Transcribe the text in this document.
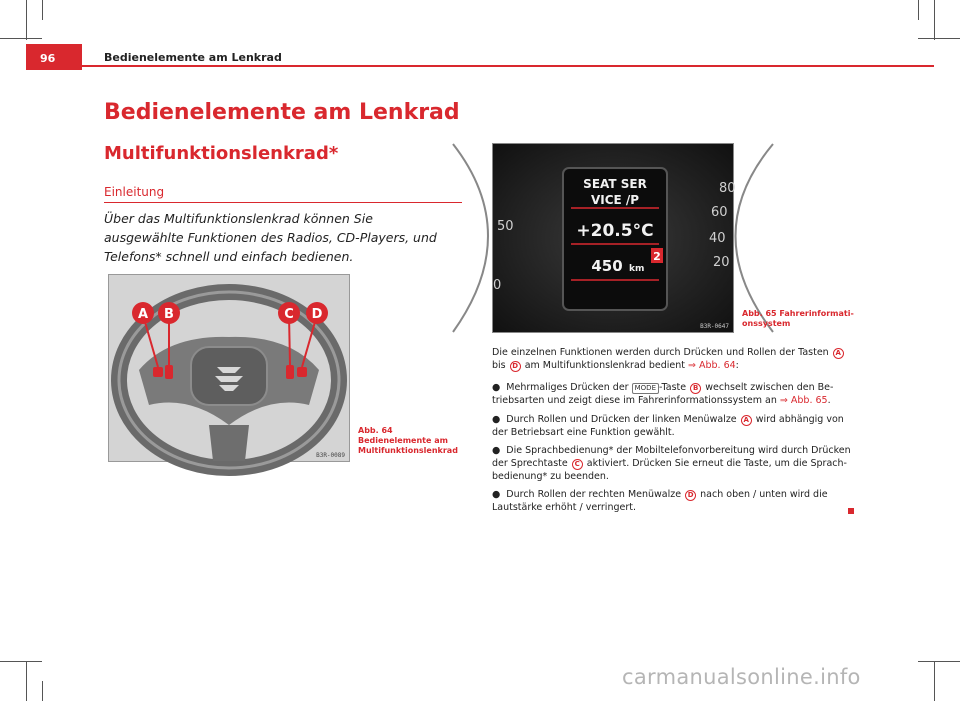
96	Bedienelemente am Lenkrad
Bedienelemente am Lenkrad
Multifunktionslenkrad*
Einleitung
Über das Multifunktionslenkrad können Sie ausgewählte Funktionen des Radios, CD-Players, und Telefons* schnell und einfach bedienen.
A B	C D
B3R-0089
Abb. 64 Bedienelemente am Multifunktionslenkrad
50
0
80
60
40
20
SEAT SER
VICE /P
+20.5°C
450 km
2
B3R-0647
Abb. 65 Fahrerinformationssystem
Die einzelnen Funktionen werden durch Drücken und Rollen der Tasten A bis D am Multifunktionslenkrad bedient ⇒ Abb. 64:
● Mehrmaliges Drücken der MODE -Taste B wechselt zwischen den Betriebsarten und zeigt diese im Fahrerinformationssystem an ⇒ Abb. 65.
● Durch Rollen und Drücken der linken Menüwalze A wird abhängig von der Betriebsart eine Funktion gewählt.
● Die Sprachbedienung* der Mobiltelefonvorbereitung wird durch Drücken der Sprechtaste C aktiviert. Drücken Sie erneut die Taste, um die Sprachbedienung* zu beenden.
● Durch Rollen der rechten Menüwalze D nach oben / unten wird die Lautstärke erhöht / verringert.
carmanualsonline.info
